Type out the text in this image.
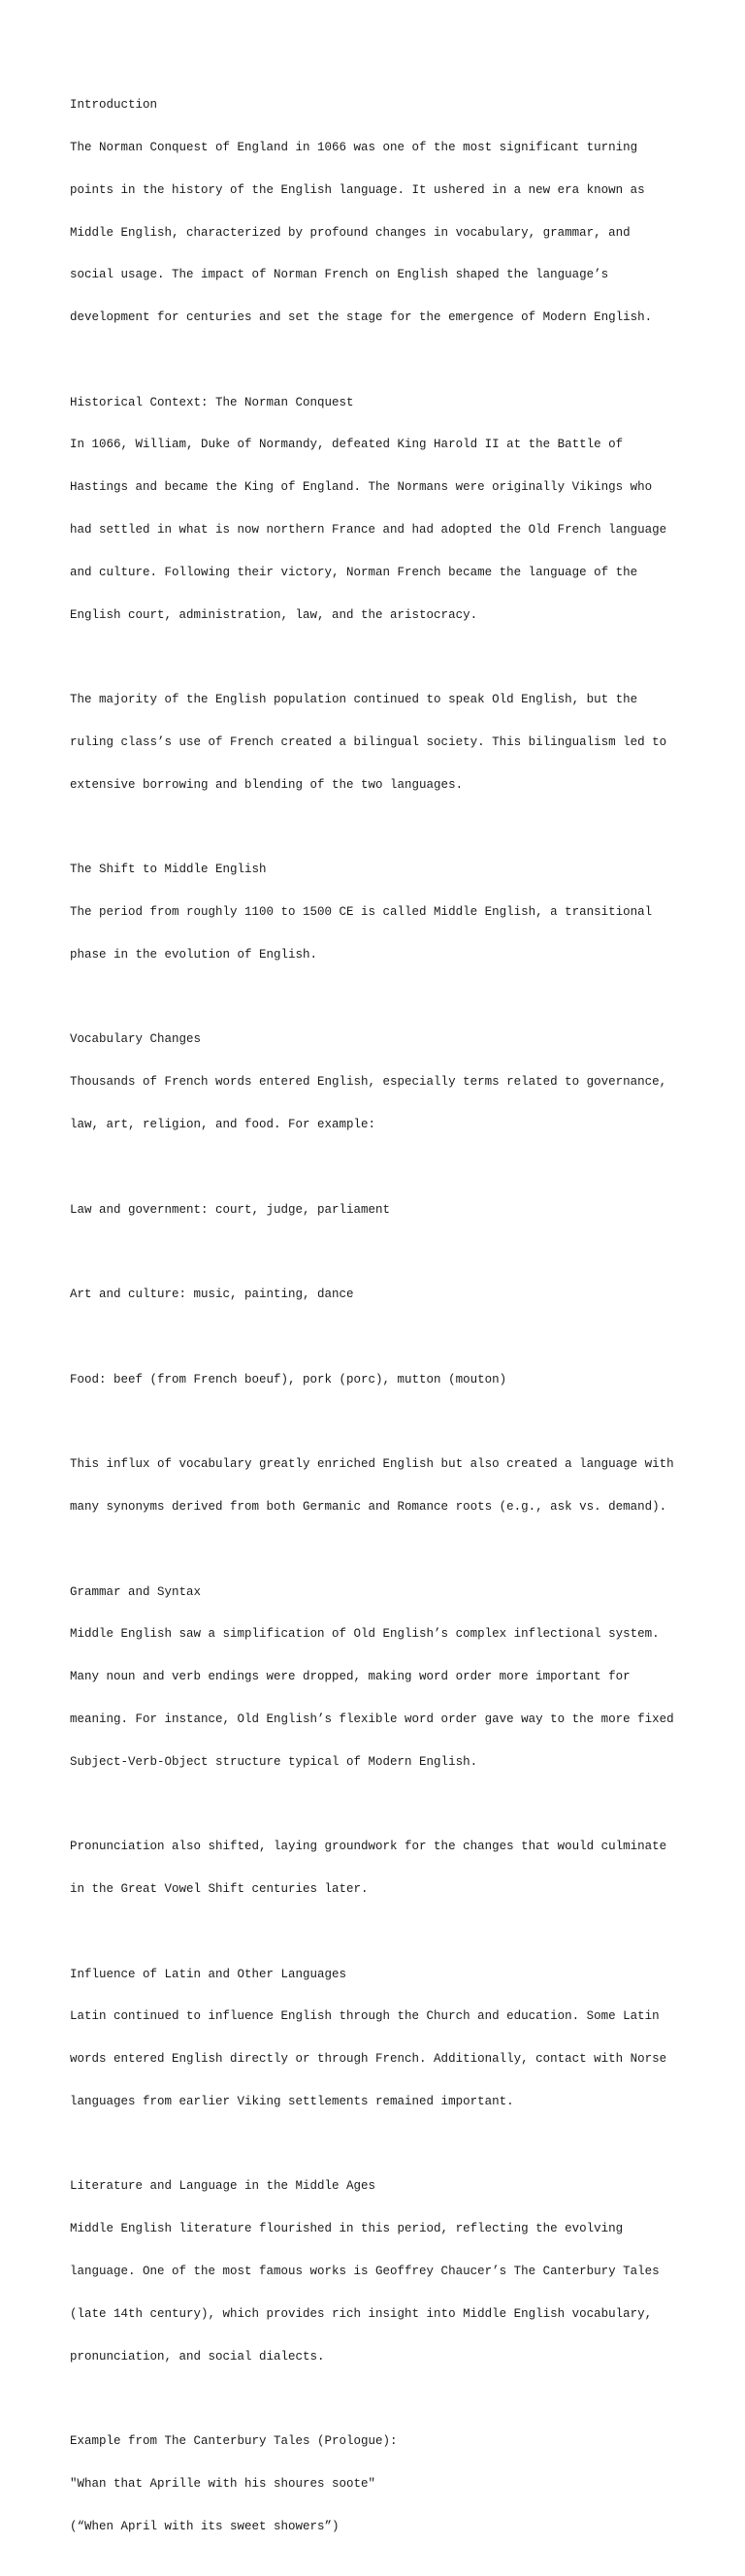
Introduction

The Norman Conquest of England in 1066 was one of the most significant turning

points in the history of the English language. It ushered in a new era known as

Middle English, characterized by profound changes in vocabulary, grammar, and

social usage. The impact of Norman French on English shaped the language’s

development for centuries and set the stage for the emergence of Modern English.

Historical Context: The Norman Conquest

In 1066, William, Duke of Normandy, defeated King Harold II at the Battle of

Hastings and became the King of England. The Normans were originally Vikings who

had settled in what is now northern France and had adopted the Old French language

and culture. Following their victory, Norman French became the language of the

English court, administration, law, and the aristocracy.

The majority of the English population continued to speak Old English, but the

ruling class’s use of French created a bilingual society. This bilingualism led to

extensive borrowing and blending of the two languages.

The Shift to Middle English

The period from roughly 1100 to 1500 CE is called Middle English, a transitional

phase in the evolution of English.

Vocabulary Changes

Thousands of French words entered English, especially terms related to governance,

law, art, religion, and food. For example:

Law and government: court, judge, parliament

Art and culture: music, painting, dance

Food: beef (from French boeuf), pork (porc), mutton (mouton)

This influx of vocabulary greatly enriched English but also created a language with

many synonyms derived from both Germanic and Romance roots (e.g., ask vs. demand).

Grammar and Syntax

Middle English saw a simplification of Old English’s complex inflectional system.

Many noun and verb endings were dropped, making word order more important for

meaning. For instance, Old English’s flexible word order gave way to the more fixed

Subject-Verb-Object structure typical of Modern English.

Pronunciation also shifted, laying groundwork for the changes that would culminate

in the Great Vowel Shift centuries later.

Influence of Latin and Other Languages

Latin continued to influence English through the Church and education. Some Latin

words entered English directly or through French. Additionally, contact with Norse

languages from earlier Viking settlements remained important.

Literature and Language in the Middle Ages

Middle English literature flourished in this period, reflecting the evolving

language. One of the most famous works is Geoffrey Chaucer’s The Canterbury Tales

(late 14th century), which provides rich insight into Middle English vocabulary,

pronunciation, and social dialects.

Example from The Canterbury Tales (Prologue):

"Whan that Aprille with his shoures soote"

(“When April with its sweet showers”)
